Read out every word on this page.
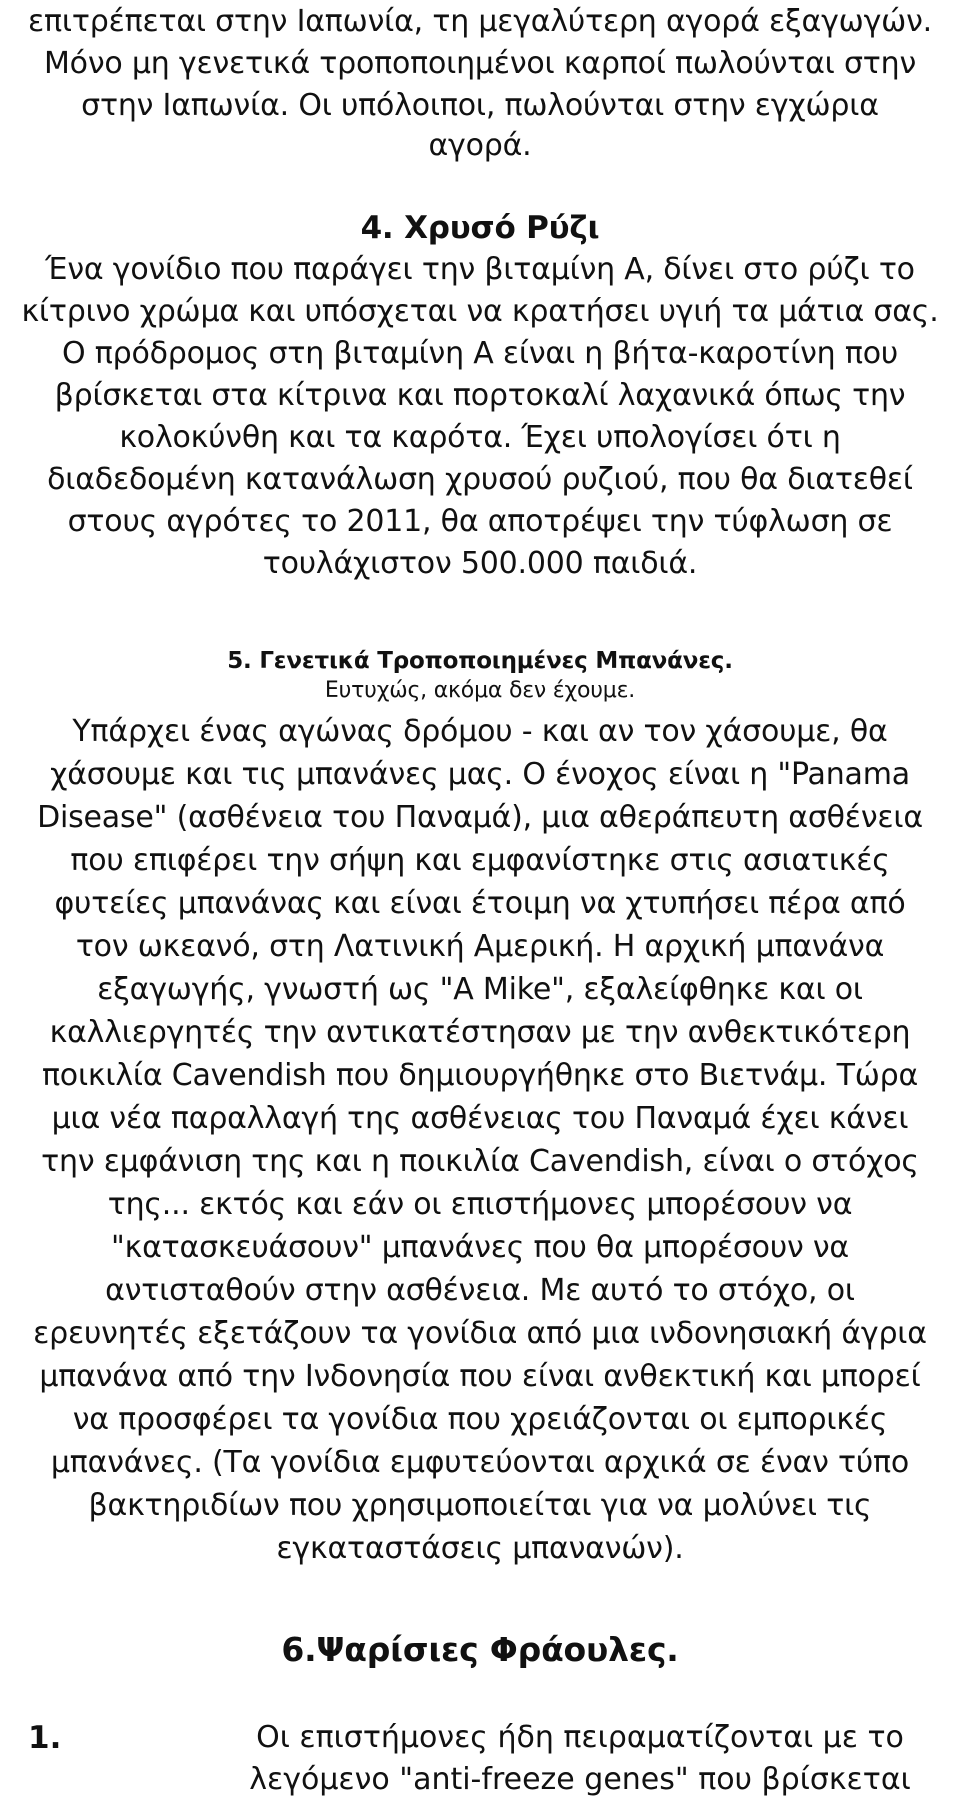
επιτρέπεται στην Ιαπωνία, τη μεγαλύτερη αγορά εξαγωγών.
Μόνο μη γενετικά τροποποιημένοι καρποί πωλούνται στην
στην Ιαπωνία. Οι υπόλοιποι, πωλούνται στην εγχώρια
αγορά.
4. Χρυσό Ρύζι
Ένα γονίδιο που παράγει την βιταμίνη Α, δίνει στο ρύζι το
κίτρινο χρώμα και υπόσχεται να κρατήσει υγιή τα μάτια σας.
Ο πρόδρομος στη βιταμίνη Α είναι η βήτα-καροτίνη που
βρίσκεται στα κίτρινα και πορτοκαλί λαχανικά όπως την
κολοκύνθη και τα καρότα. Έχει υπολογίσει ότι η
διαδεδομένη κατανάλωση χρυσού ρυζιού, που θα διατεθεί
στους αγρότες το 2011, θα αποτρέψει την τύφλωση σε
τουλάχιστον 500.000 παιδιά.
5. Γενετικά Τροποποιημένες Μπανάνες.
Ευτυχώς, ακόμα δεν έχουμε.
Υπάρχει ένας αγώνας δρόμου - και αν τον χάσουμε, θα
χάσουμε και τις μπανάνες μας. Ο ένοχος είναι η "Panama
Disease" (ασθένεια του Παναμά), μια αθεράπευτη ασθένεια
που επιφέρει την σήψη και εμφανίστηκε στις ασιατικές
φυτείες μπανάνας και είναι έτοιμη να χτυπήσει πέρα από
τον ωκεανό, στη Λατινική Αμερική. Η αρχική μπανάνα
εξαγωγής, γνωστή ως "A Mike", εξαλείφθηκε και οι
καλλιεργητές την αντικατέστησαν με την ανθεκτικότερη
ποικιλία Cavendish που δημιουργήθηκε στο Βιετνάμ. Τώρα
μια νέα παραλλαγή της ασθένειας του Παναμά έχει κάνει
την εμφάνιση της και η ποικιλία Cavendish, είναι ο στόχος
της... εκτός και εάν οι επιστήμονες μπορέσουν να
"κατασκευάσουν" μπανάνες που θα μπορέσουν να
αντισταθούν στην ασθένεια. Με αυτό το στόχο, οι
ερευνητές εξετάζουν τα γονίδια από μια ινδονησιακή άγρια
μπανάνα από την Ινδονησία που είναι ανθεκτική και μπορεί
να προσφέρει τα γονίδια που χρειάζονται οι εμπορικές
μπανάνες. (Τα γονίδια εμφυτεύονται αρχικά σε έναν τύπο
βακτηριδίων που χρησιμοποιείται για να μολύνει τις
εγκαταστάσεις μπανανών).
6.Ψαρίσιες Φράουλες.
1.	Οι επιστήμονες ήδη πειραματίζονται με το
λεγόμενο "anti-freeze genes" που βρίσκεται
